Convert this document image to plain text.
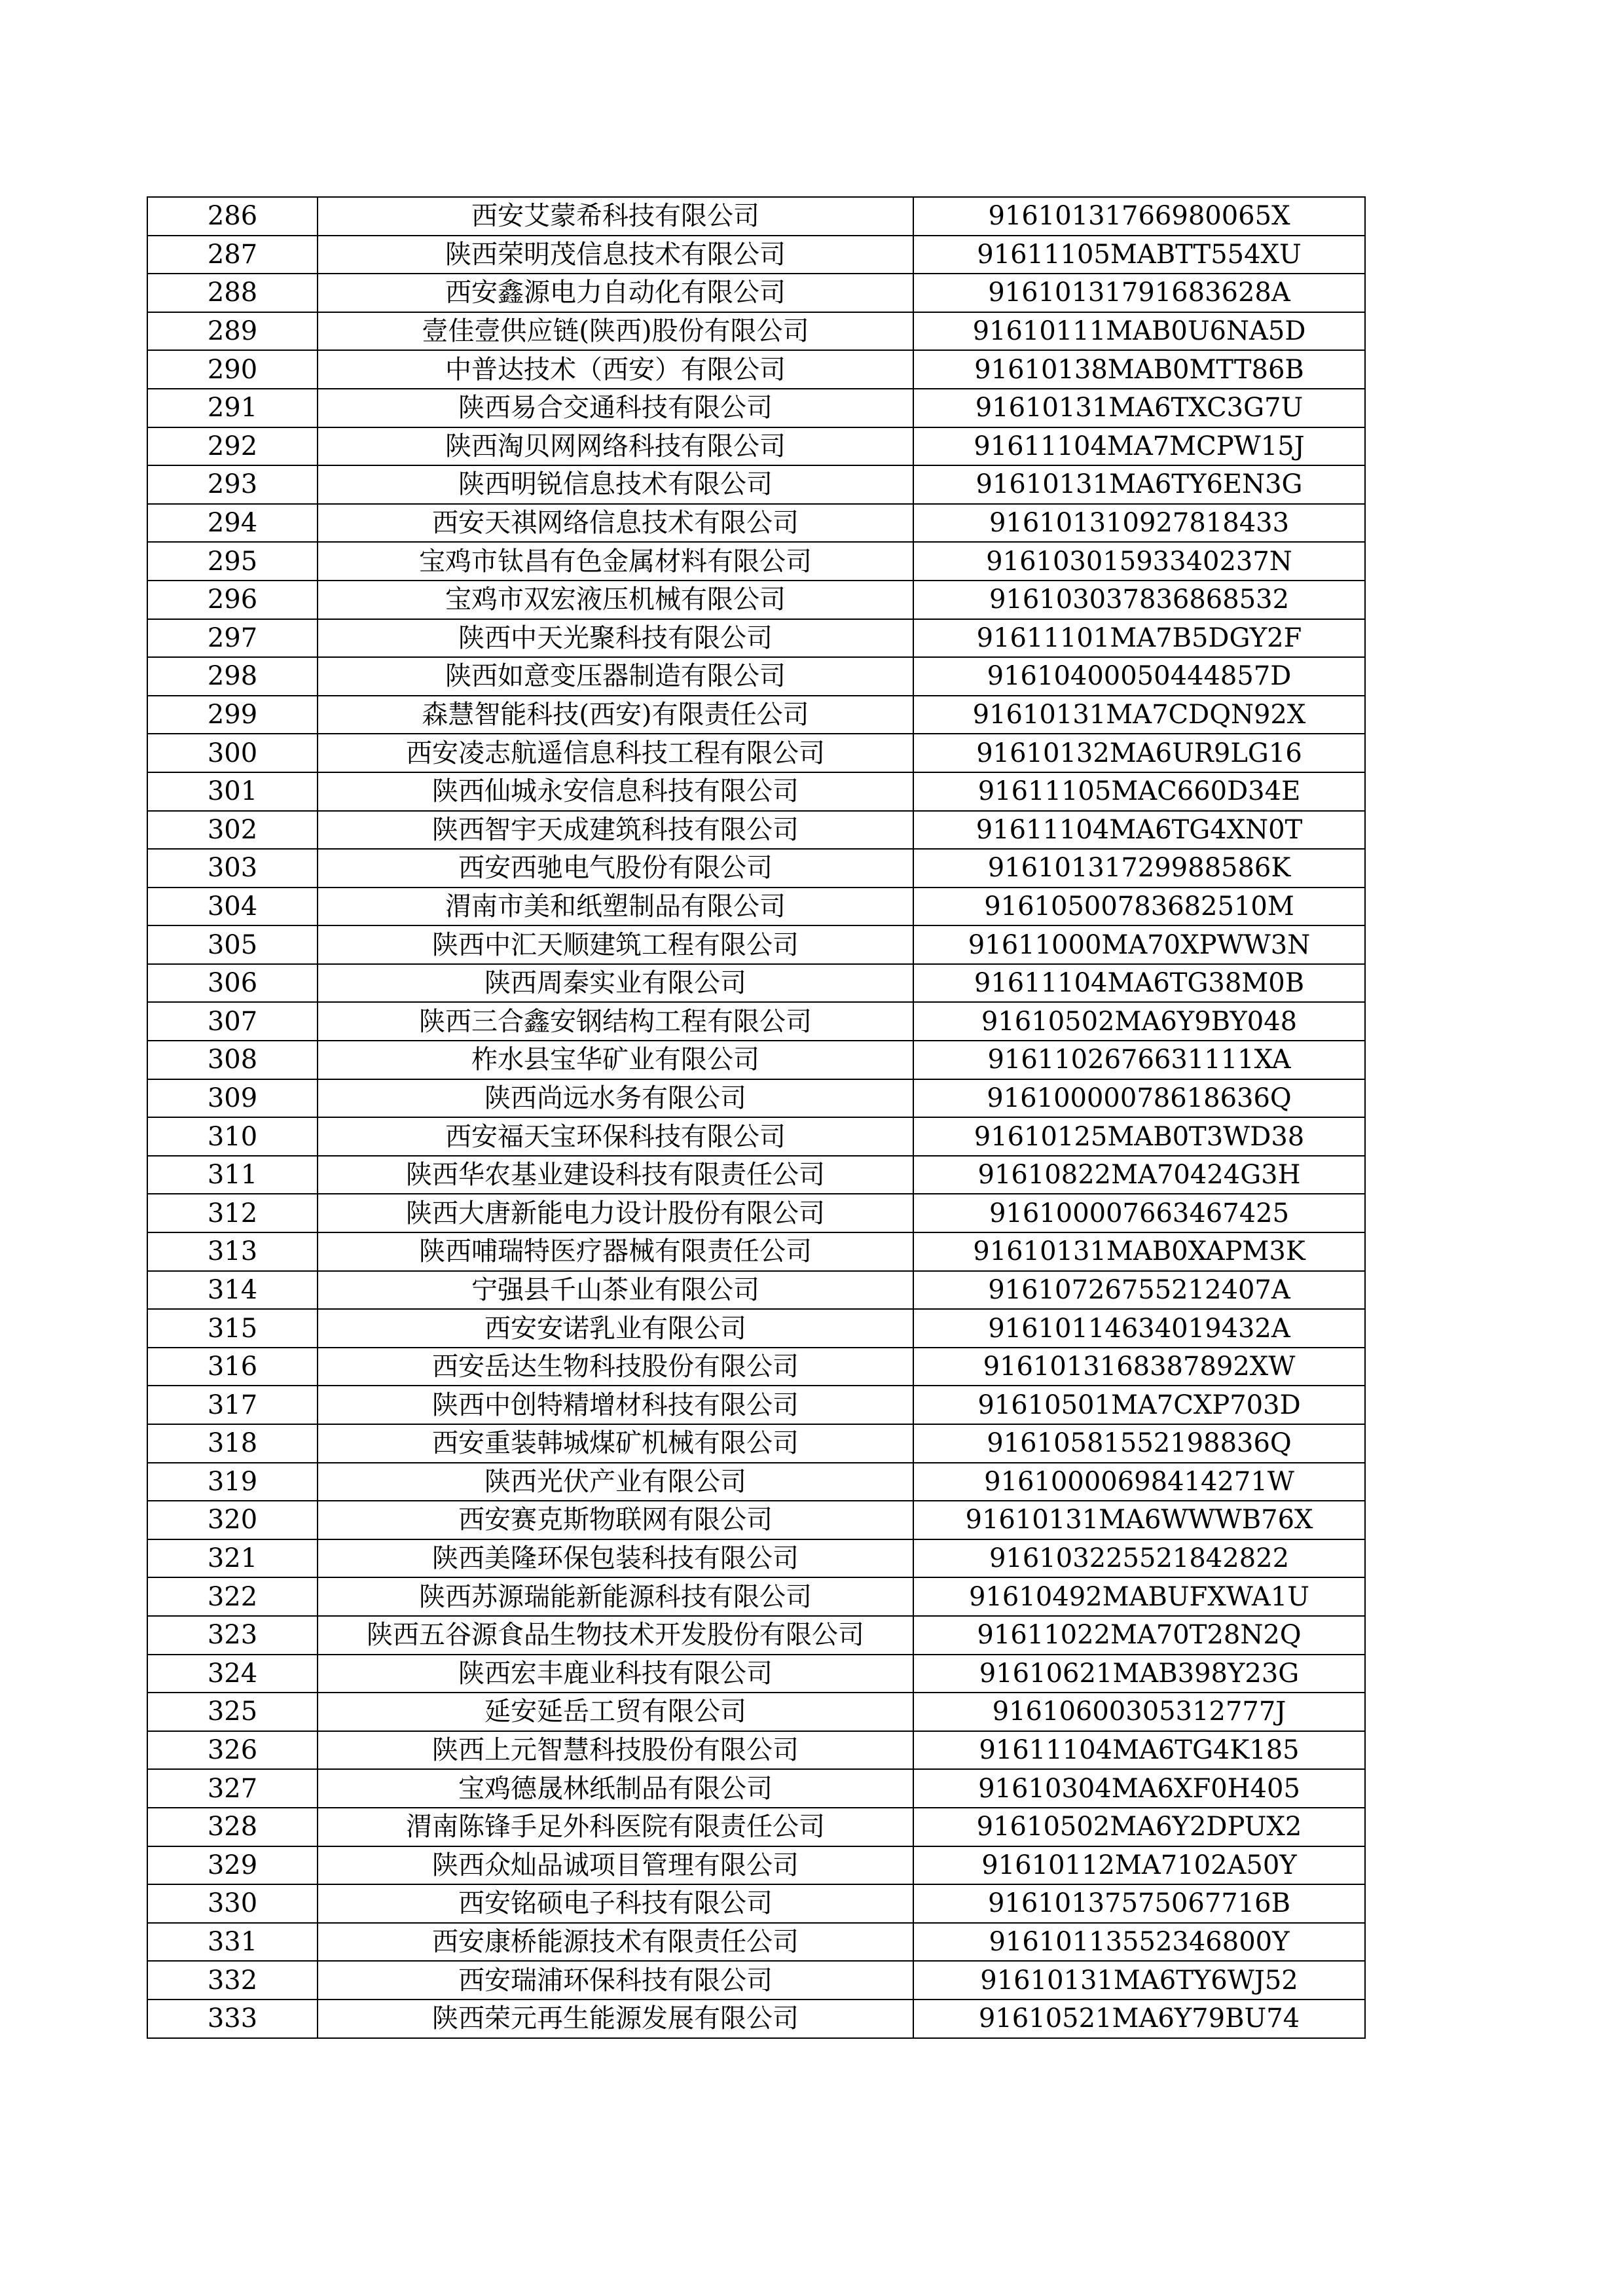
286	西安艾蒙希科技有限公司	91610131766980065X
287	陕西荣明茂信息技术有限公司	91611105MABTT554XU
288	西安鑫源电力自动化有限公司	91610131791683628A
289	壹佳壹供应链(陕西)股份有限公司	91610111MAB0U6NA5D
290	中普达技术（西安）有限公司	91610138MAB0MTT86B
291	陕西易合交通科技有限公司	91610131MA6TXC3G7U
292	陕西淘贝网网络科技有限公司	91611104MA7MCPW15J
293	陕西明锐信息技术有限公司	91610131MA6TY6EN3G
294	西安天祺网络信息技术有限公司	916101310927818433
295	宝鸡市钛昌有色金属材料有限公司	91610301593340237N
296	宝鸡市双宏液压机械有限公司	916103037836868532
297	陕西中天光聚科技有限公司	91611101MA7B5DGY2F
298	陕西如意变压器制造有限公司	91610400050444857D
299	森慧智能科技(西安)有限责任公司	91610131MA7CDQN92X
300	西安凌志航遥信息科技工程有限公司	91610132MA6UR9LG16
301	陕西仙城永安信息科技有限公司	91611105MAC660D34E
302	陕西智宇天成建筑科技有限公司	91611104MA6TG4XN0T
303	西安西驰电气股份有限公司	91610131729988586K
304	渭南市美和纸塑制品有限公司	91610500783682510M
305	陕西中汇天顺建筑工程有限公司	91611000MA70XPWW3N
306	陕西周秦实业有限公司	91611104MA6TG38M0B
307	陕西三合鑫安钢结构工程有限公司	91610502MA6Y9BY048
308	柞水县宝华矿业有限公司	9161102676631111XA
309	陕西尚远水务有限公司	91610000078618636Q
310	西安福天宝环保科技有限公司	91610125MAB0T3WD38
311	陕西华农基业建设科技有限责任公司	91610822MA70424G3H
312	陕西大唐新能电力设计股份有限公司	916100007663467425
313	陕西哺瑞特医疗器械有限责任公司	91610131MAB0XAPM3K
314	宁强县千山茶业有限公司	91610726755212407A
315	西安安诺乳业有限公司	91610114634019432A
316	西安岳达生物科技股份有限公司	9161013168387892XW
317	陕西中创特精增材科技有限公司	91610501MA7CXP703D
318	西安重装韩城煤矿机械有限公司	91610581552198836Q
319	陕西光伏产业有限公司	91610000698414271W
320	西安赛克斯物联网有限公司	91610131MA6WWWB76X
321	陕西美隆环保包装科技有限公司	916103225521842822
322	陕西苏源瑞能新能源科技有限公司	91610492MABUFXWA1U
323	陕西五谷源食品生物技术开发股份有限公司	91611022MA70T28N2Q
324	陕西宏丰鹿业科技有限公司	91610621MAB398Y23G
325	延安延岳工贸有限公司	91610600305312777J
326	陕西上元智慧科技股份有限公司	91611104MA6TG4K185
327	宝鸡德晟林纸制品有限公司	91610304MA6XF0H405
328	渭南陈锋手足外科医院有限责任公司	91610502MA6Y2DPUX2
329	陕西众灿品诚项目管理有限公司	91610112MA7102A50Y
330	西安铭硕电子科技有限公司	91610137575067716B
331	西安康桥能源技术有限责任公司	91610113552346800Y
332	西安瑞浦环保科技有限公司	91610131MA6TY6WJ52
333	陕西荣元再生能源发展有限公司	91610521MA6Y79BU74
